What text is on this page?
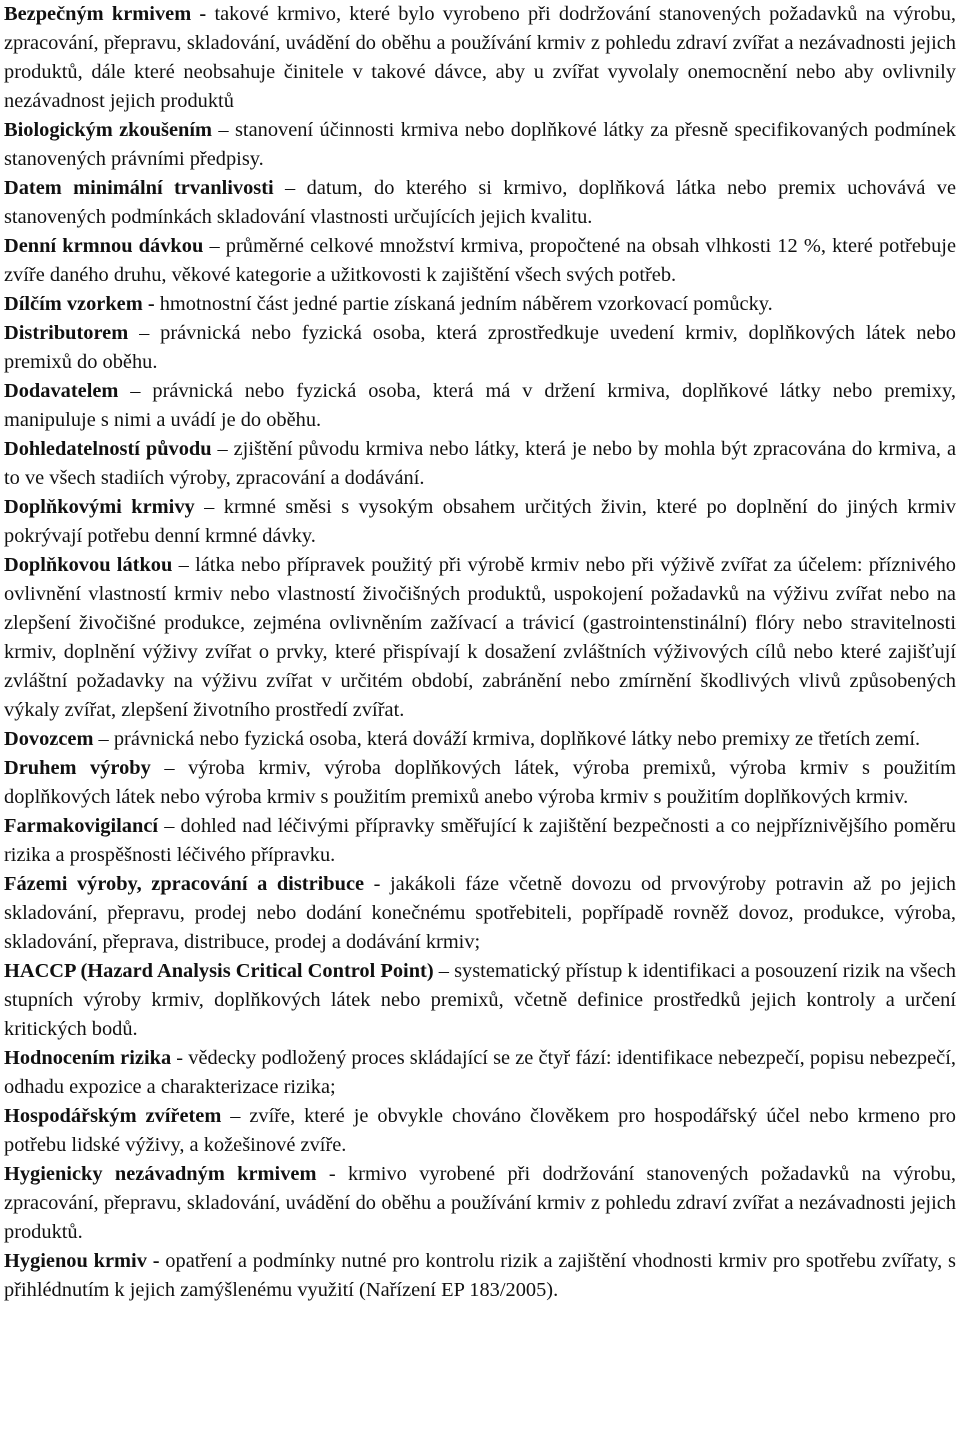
Bezpečným krmivem - takové krmivo, které bylo vyrobeno při dodržování stanovených požadavků na výrobu, zpracování, přepravu, skladování, uvádění do oběhu a používání krmiv z pohledu zdraví zvířat a nezávadnosti jejich produktů, dále které neobsahuje činitele v takové dávce, aby u zvířat vyvolaly onemocnění nebo aby ovlivnily nezávadnost jejich produktů

Biologickým zkoušením – stanovení účinnosti krmiva nebo doplňkové látky za přesně specifikovaných podmínek stanovených právními předpisy.

Datem minimální trvanlivosti – datum, do kterého si krmivo, doplňková látka nebo premix uchovává ve stanovených podmínkách skladování vlastnosti určujících jejich kvalitu.

Denní krmnou dávkou – průměrné celkové množství krmiva, propočtené na obsah vlhkosti 12 %, které potřebuje zvíře daného druhu, věkové kategorie a užitkovosti k zajištění všech svých potřeb.

Dílčím vzorkem - hmotnostní část jedné partie získaná jedním náběrem vzorkovací pomůcky.

Distributorem – právnická nebo fyzická osoba, která zprostředkuje uvedení krmiv, doplňkových látek nebo premixů do oběhu.

Dodavatelem – právnická nebo fyzická osoba, která má v držení krmiva, doplňkové látky nebo premixy, manipuluje s nimi a uvádí je do oběhu.

Dohledatelností původu – zjištění původu krmiva nebo látky, která je nebo by mohla být zpracována do krmiva, a to ve všech stadiích výroby, zpracování a dodávání.

Doplňkovými krmivy – krmné směsi s vysokým obsahem určitých živin, které po doplnění do jiných krmiv pokrývají potřebu denní krmné dávky.

Doplňkovou látkou – látka nebo přípravek použitý při výrobě krmiv nebo při výživě zvířat za účelem: příznivého ovlivnění vlastností krmiv nebo vlastností živočišných produktů, uspokojení požadavků na výživu zvířat nebo na zlepšení živočišné produkce, zejména ovlivněním zažívací a trávicí (gastrointenstinální) flóry nebo stravitelnosti krmiv, doplnění výživy zvířat o prvky, které přispívají k dosažení zvláštních výživových cílů nebo které zajišťují zvláštní požadavky na výživu zvířat v určitém období, zabránění nebo zmírnění škodlivých vlivů způsobených výkaly zvířat, zlepšení životního prostředí zvířat.

Dovozcem – právnická nebo fyzická osoba, která dováží krmiva, doplňkové látky nebo premixy ze třetích zemí.

Druhem výroby – výroba krmiv, výroba doplňkových látek, výroba premixů, výroba krmiv s použitím doplňkových látek nebo výroba krmiv s použitím premixů anebo výroba krmiv s použitím doplňkových krmiv.

Farmakovigilancí – dohled nad léčivými přípravky směřující k zajištění bezpečnosti a co nejpříznivějšího poměru rizika a prospěšnosti léčivého přípravku.

Fázemi výroby, zpracování a distribuce - jakákoli fáze včetně dovozu od prvovýroby potravin až po jejich skladování, přepravu, prodej nebo dodání konečnému spotřebiteli, popřípadě rovněž dovoz, produkce, výroba, skladování, přeprava, distribuce, prodej a dodávání krmiv;

HACCP (Hazard Analysis Critical Control Point) – systematický přístup k identifikaci a posouzení rizik na všech stupních výroby krmiv, doplňkových látek nebo premixů, včetně definice prostředků jejich kontroly a určení kritických bodů.

Hodnocením rizika - vědecky podložený proces skládající se ze čtyř fází: identifikace nebezpečí, popisu nebezpečí, odhadu expozice a charakterizace rizika;

Hospodářským zvířetem – zvíře, které je obvykle chováno člověkem pro hospodářský účel nebo krmeno pro potřebu lidské výživy, a kožešinové zvíře.

Hygienicky nezávadným krmivem - krmivo vyrobené při dodržování stanovených požadavků na výrobu, zpracování, přepravu, skladování, uvádění do oběhu a používání krmiv z pohledu zdraví zvířat a nezávadnosti jejich produktů.

Hygienou krmiv - opatření a podmínky nutné pro kontrolu rizik a zajištění vhodnosti krmiv pro spotřebu zvířaty, s přihlédnutím k jejich zamýšlenému využití (Nařízení EP 183/2005).
